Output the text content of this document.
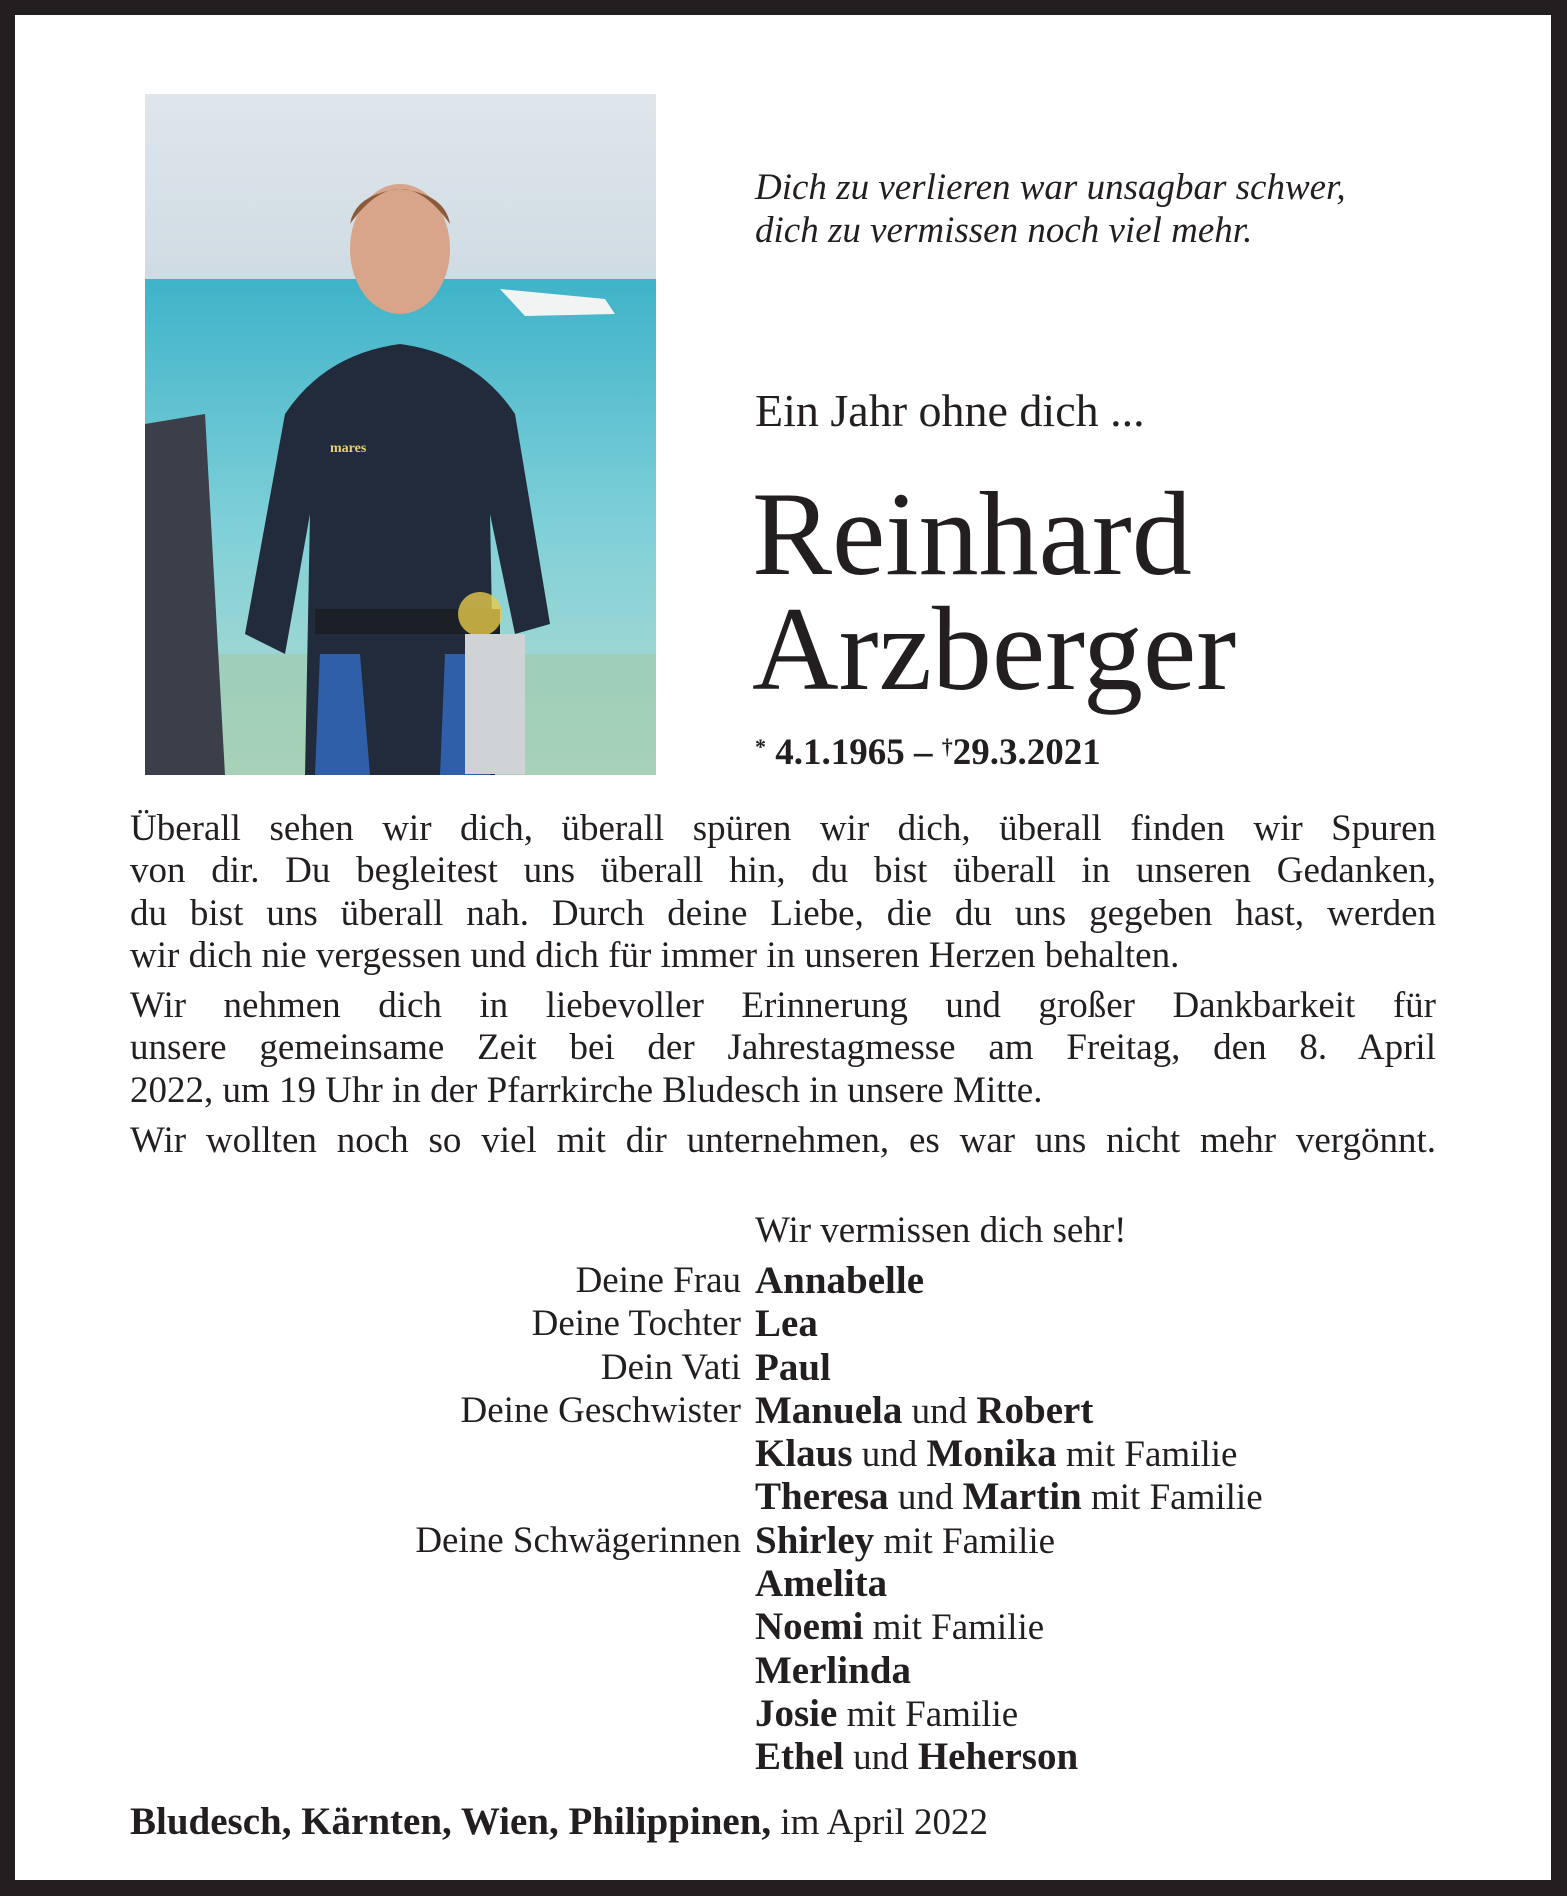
mares
Dich zu verlieren war unsagbar schwer,
dich zu vermissen noch viel mehr.
Ein Jahr ohne dich ...
Reinhard
Arzberger
* 4.1.1965 – †29.3.2021
Überall sehen wir dich, überall spüren wir dich, überall finden wir Spuren
von dir. Du begleitest uns überall hin, du bist überall in unseren Gedanken,
du bist uns überall nah. Durch deine Liebe, die du uns gegeben hast, werden
wir dich nie vergessen und dich für immer in unseren Herzen behalten.
Wir nehmen dich in liebevoller Erinnerung und großer Dankbarkeit für
unsere gemeinsame Zeit bei der Jahrestagmesse am Freitag, den 8. April
2022, um 19 Uhr in der Pfarrkirche Bludesch in unsere Mitte.
Wir wollten noch so viel mit dir unternehmen, es war uns nicht mehr vergönnt.
Wir vermissen dich sehr!
Deine Frau Annabelle
Deine Tochter Lea
Dein Vati Paul
Deine Geschwister Manuela und Robert
Klaus und Monika mit Familie
Theresa und Martin mit Familie
Deine Schwägerinnen Shirley mit Familie
Amelita
Noemi mit Familie
Merlinda
Josie mit Familie
Ethel und Heherson
Bludesch, Kärnten, Wien, Philippinen, im April 2022
